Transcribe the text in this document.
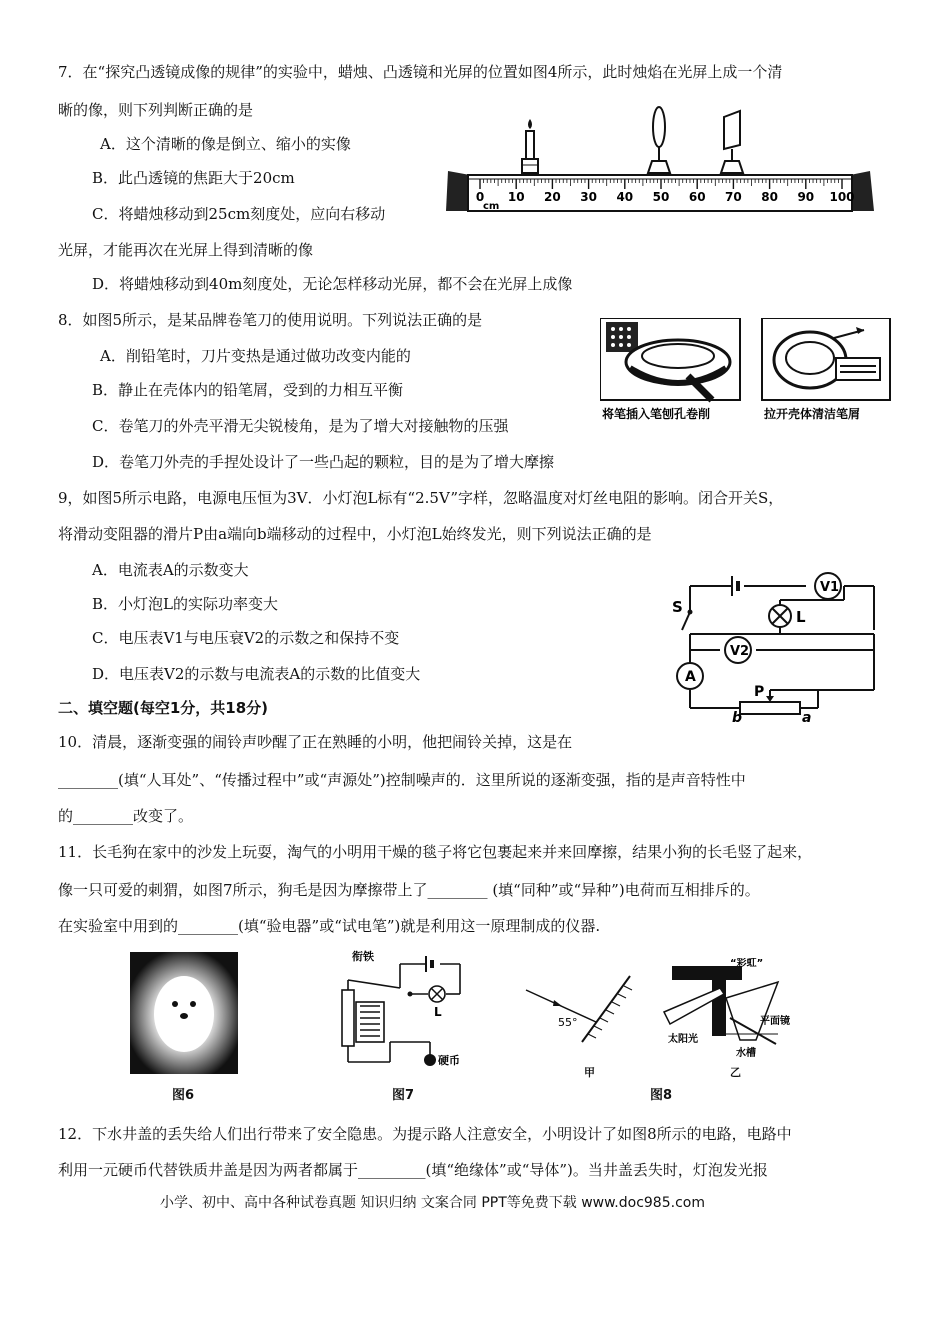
7．在“探究凸透镜成像的规律”的实验中，蜡烛、凸透镜和光屏的位置如图4所示，此时烛焰在光屏上成一个清
晰的像，则下列判断正确的是
A．这个清晰的像是倒立、缩小的实像
B．此凸透镜的焦距大于20cm
C．将蜡烛移动到25cm刻度处，应向右移动
光屏，才能再次在光屏上得到清晰的像
D．将蜡烛移动到40m刻度处，无论怎样移动光屏，都不会在光屏上成像
0 10 20 30 40 50 60 70 80 90 100
cm
8．如图5所示，是某品牌卷笔刀的使用说明。下列说法正确的是
A．削铅笔时，刀片变热是通过做功改变内能的
B．静止在壳体内的铅笔屑，受到的力相互平衡
C．卷笔刀的外壳平滑无尖锐棱角，是为了增大对接触物的压强
D．卷笔刀外壳的手捏处设计了一些凸起的颗粒，目的是为了增大摩擦
将笔插入笔刨孔卷削	拉开壳体清洁笔屑
9，如图5所示电路，电源电压恒为3V．小灯泡L标有“2.5V”字样，忽略温度对灯丝电阻的影响。闭合开关S，
将滑动变阻器的滑片P由a端向b端移动的过程中，小灯泡L始终发光，则下列说法正确的是
A．电流表A的示数变大
B．小灯泡L的实际功率变大
C．电压表V1与电压衰V2的示数之和保持不变
D．电压表V2的示数与电流表A的示数的比值变大
S
L
V1
V2
A
P
b	a
二、填空题(每空1分，共18分)
10．清晨，逐渐变强的闹铃声吵醒了正在熟睡的小明，他把闹铃关掉，这是在
________(填“人耳处”、“传播过程中”或“声源处”)控制噪声的．这里所说的逐渐变强，指的是声音特性中
的________改变了。
11．长毛狗在家中的沙发上玩耍，淘气的小明用干燥的毯子将它包裹起来并来回摩擦，结果小狗的长毛竖了起来，
像一只可爱的刺猬，如图7所示，狗毛是因为摩擦带上了________ (填“同种”或“异种”)电荷而互相排斥的。
在实验室中用到的________(填“验电器”或“试电笔”)就是利用这一原理制成的仪器.
图6
衔铁
L
硬币
图7
55°
甲
“彩虹”
平面镜
太阳光
水槽
乙
图8
12．下水井盖的丢失给人们出行带来了安全隐患。为提示路人注意安全，小明设计了如图8所示的电路，电路中
利用一元硬币代替铁质井盖是因为两者都属于_________(填“绝缘体”或“导体”)。当井盖丢失时，灯泡发光报
小学、初中、高中各种试卷真题 知识归纳 文案合同 PPT等免费下载 www.doc985.com
